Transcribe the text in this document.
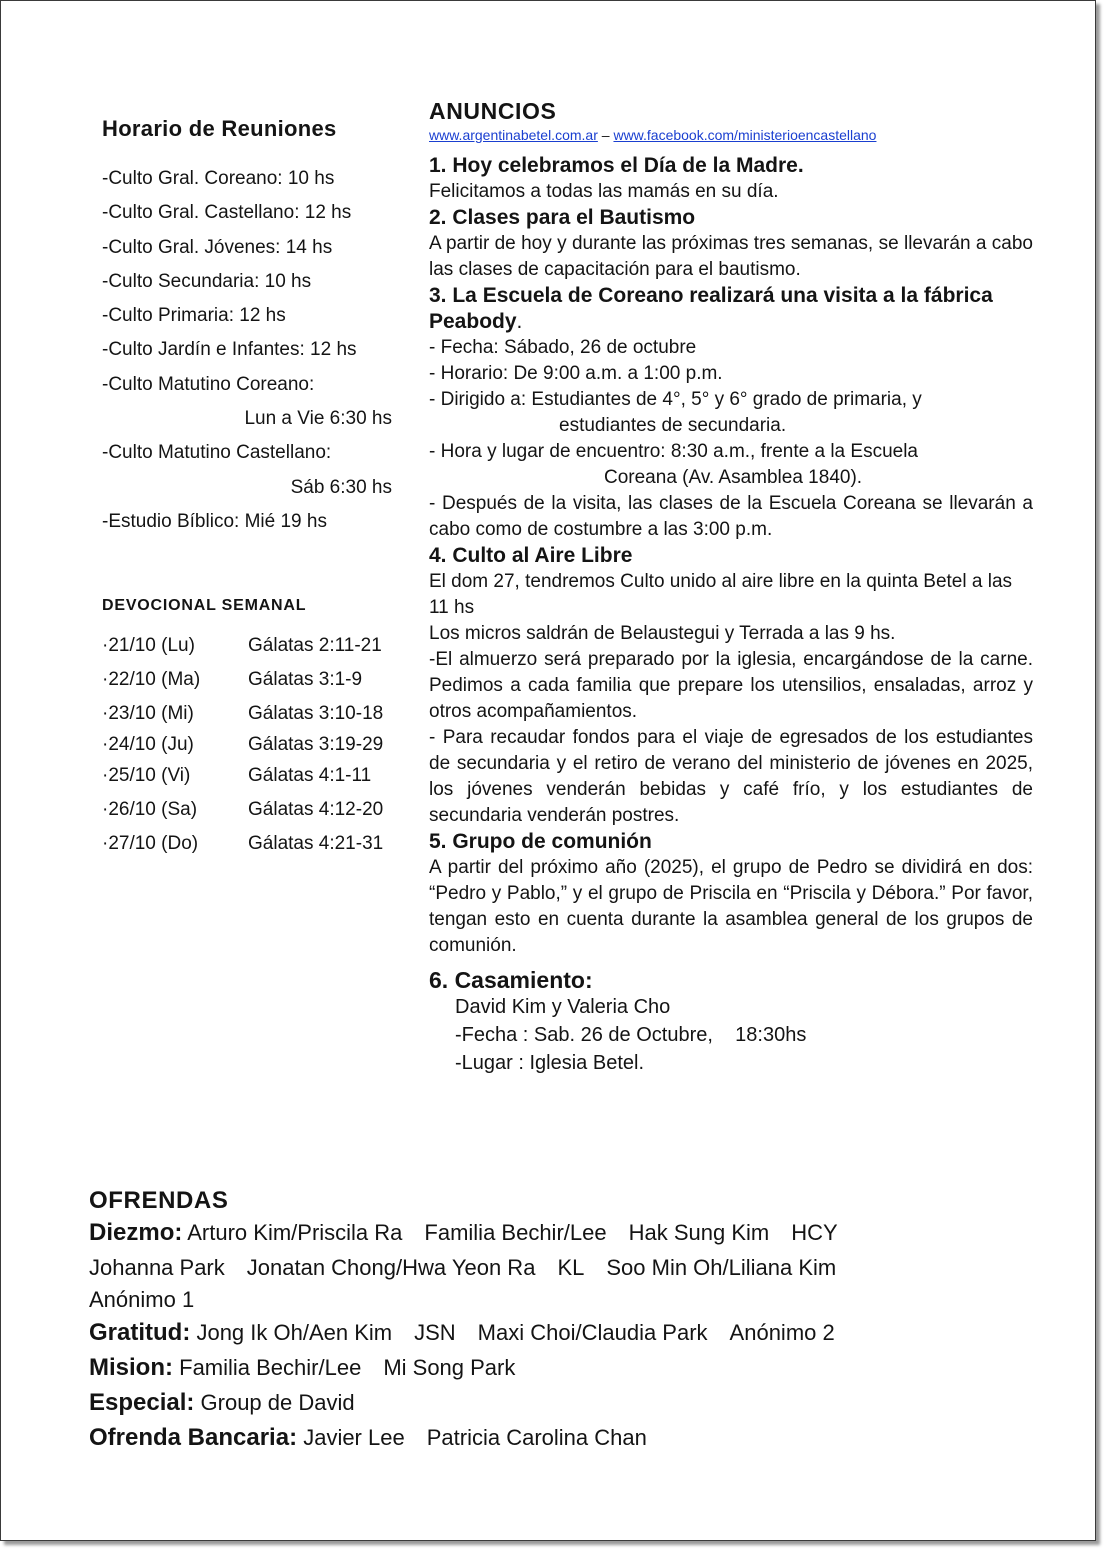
Horario de Reuniones
-Culto Gral. Coreano: 10 hs
-Culto Gral. Castellano: 12 hs
-Culto Gral. Jóvenes: 14 hs
-Culto Secundaria: 10 hs
-Culto Primaria: 12 hs
-Culto Jardín e Infantes: 12 hs
-Culto Matutino Coreano:
Lun a Vie 6:30 hs
-Culto Matutino Castellano:
Sáb 6:30 hs
-Estudio Bíblico: Mié 19 hs
DEVOCIONAL SEMANAL
·21/10 (Lu)	Gálatas 2:11-21
·22/10 (Ma)	Gálatas 3:1-9
·23/10 (Mi)	Gálatas 3:10-18
·24/10 (Ju)	Gálatas 3:19-29
·25/10 (Vi)	Gálatas 4:1-11
·26/10 (Sa)	Gálatas 4:12-20
·27/10 (Do)	Gálatas 4:21-31
ANUNCIOS
www.argentinabetel.com.ar – www.facebook.com/ministerioencastellano
1. Hoy celebramos el Día de la Madre.

Felicitamos a todas las mamás en su día.

2. Clases para el Bautismo

A partir de hoy y durante las próximas tres semanas, se llevarán a cabo las clases de capacitación para el bautismo.

3. La Escuela de Coreano realizará una visita a la fábrica Peabody.

- Fecha: Sábado, 26 de octubre

- Horario: De 9:00 a.m. a 1:00 p.m.

- Dirigido a: Estudiantes de 4°, 5° y 6° grado de primaria, y

estudiantes de secundaria.

- Hora y lugar de encuentro: 8:30 a.m., frente a la Escuela

Coreana (Av. Asamblea 1840).

- Después de la visita, las clases de la Escuela Coreana se llevarán a cabo como de costumbre a las 3:00 p.m.

4. Culto al Aire Libre

El dom 27, tendremos Culto unido al aire libre en la quinta Betel a las 11 hs

Los micros saldrán de Belaustegui y Terrada a las 9 hs.

-El almuerzo será preparado por la iglesia, encargándose de la carne. Pedimos a cada familia que prepare los utensilios, ensaladas, arroz y otros acompañamientos.

- Para recaudar fondos para el viaje de egresados de los estudiantes de secundaria y el retiro de verano del ministerio de jóvenes en 2025, los jóvenes venderán bebidas y café frío, y los estudiantes de secundaria venderán postres.

5. Grupo de comunión

A partir del próximo año (2025), el grupo de Pedro se dividirá en dos: “Pedro y Pablo,” y el grupo de Priscila en “Priscila y Débora.” Por favor, tengan esto en cuenta durante la asamblea general de los grupos de comunión.

6. Casamiento:
David Kim y Valeria Cho
-Fecha : Sab. 26 de Octubre,    18:30hs
-Lugar : Iglesia Betel.
OFRENDAS
Diezmo: Arturo Kim/Priscila Ra Familia Bechir/Lee Hak Sung Kim HCY
Johanna Park Jonatan Chong/Hwa Yeon Ra KL Soo Min Oh/Liliana Kim
Anónimo 1
Gratitud: Jong Ik Oh/Aen Kim JSN Maxi Choi/Claudia Park Anónimo 2
Mision: Familia Bechir/Lee Mi Song Park
Especial: Group de David
Ofrenda Bancaria: Javier Lee Patricia Carolina Chan
